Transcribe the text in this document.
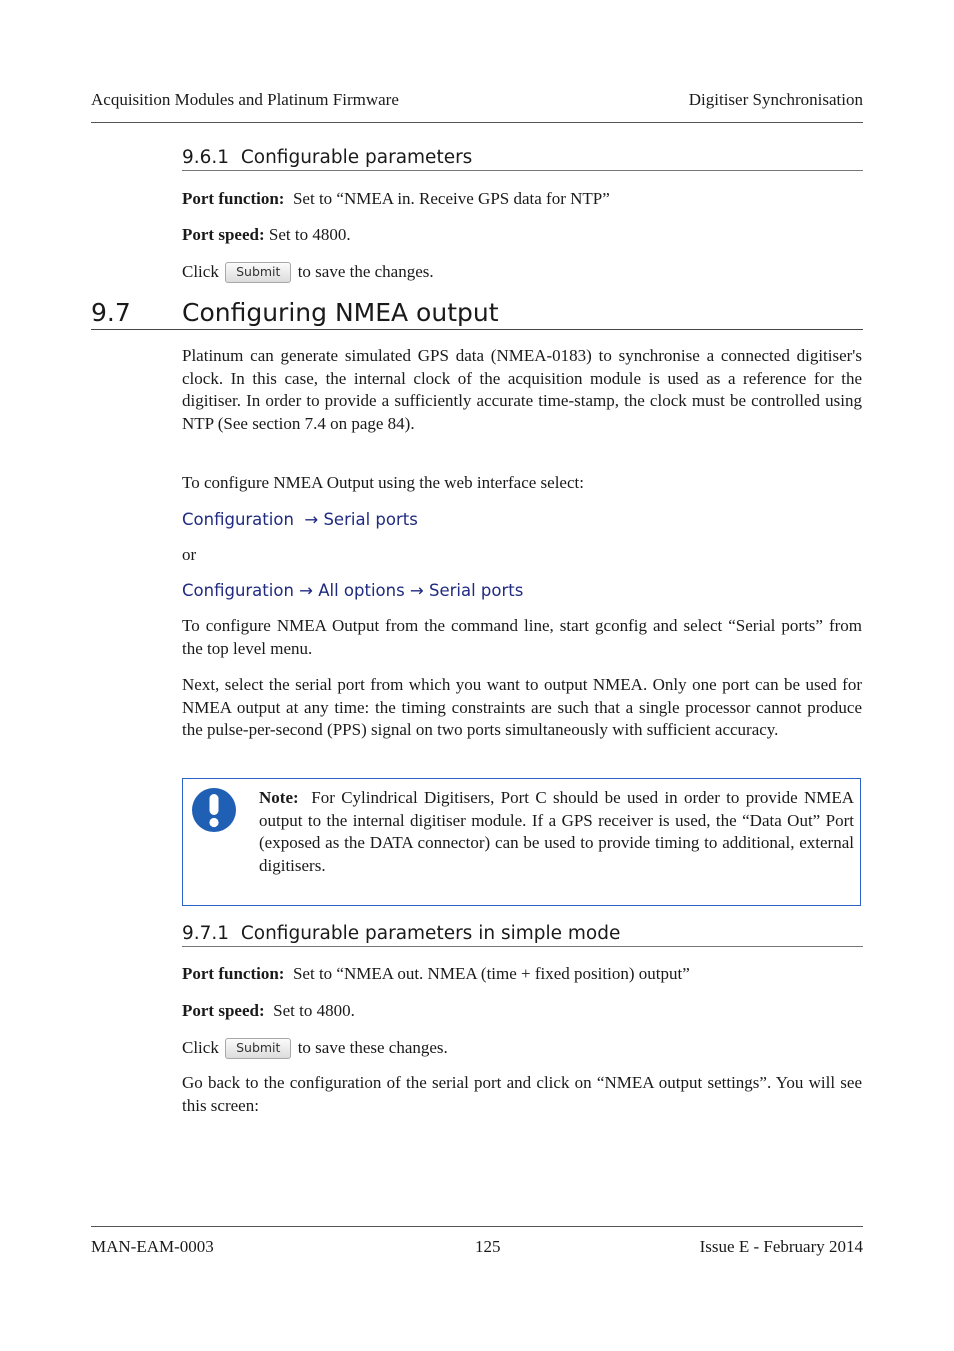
Acquisition Modules and Platinum Firmware	Digitiser Synchronisation
9.6.1 Configurable parameters

Port function: Set to “NMEA in. Receive GPS data for NTP”

Port speed: Set to 4800.

Click Submit to save the changes.

9.7 Configuring NMEA output

Platinum can generate simulated GPS data (NMEA-0183) to synchronise a connected digitiser's clock. In this case, the internal clock of the acquisition module is used as a reference for the digitiser. In order to provide a sufficiently accurate time-stamp, the clock must be controlled using NTP (See section 7.4 on page 84).

To configure NMEA Output using the web interface select:

Configuration  → Serial ports

or

Configuration → All options → Serial ports

To configure NMEA Output from the command line, start gconfig and select “Serial ports” from the top level menu.

Next, select the serial port from which you want to output NMEA. Only one port can be used for NMEA output at any time: the timing constraints are such that a single processor cannot produce the pulse-per-second (PPS) signal on two ports simultaneously with sufficient accuracy.

Note: For Cylindrical Digitisers, Port C should be used in order to provide NMEA output to the internal digitiser module. If a GPS receiver is used, the “Data Out” Port (exposed as the DATA connector) can be used to provide timing to additional, external digitisers.

9.7.1 Configurable parameters in simple mode

Port function: Set to “NMEA out. NMEA (time + fixed position) output”

Port speed: Set to 4800.

Click Submit to save these changes.

Go back to the configuration of the serial port and click on “NMEA output settings”. You will see this screen:

MAN-EAM-0003	125	Issue E - February 2014
